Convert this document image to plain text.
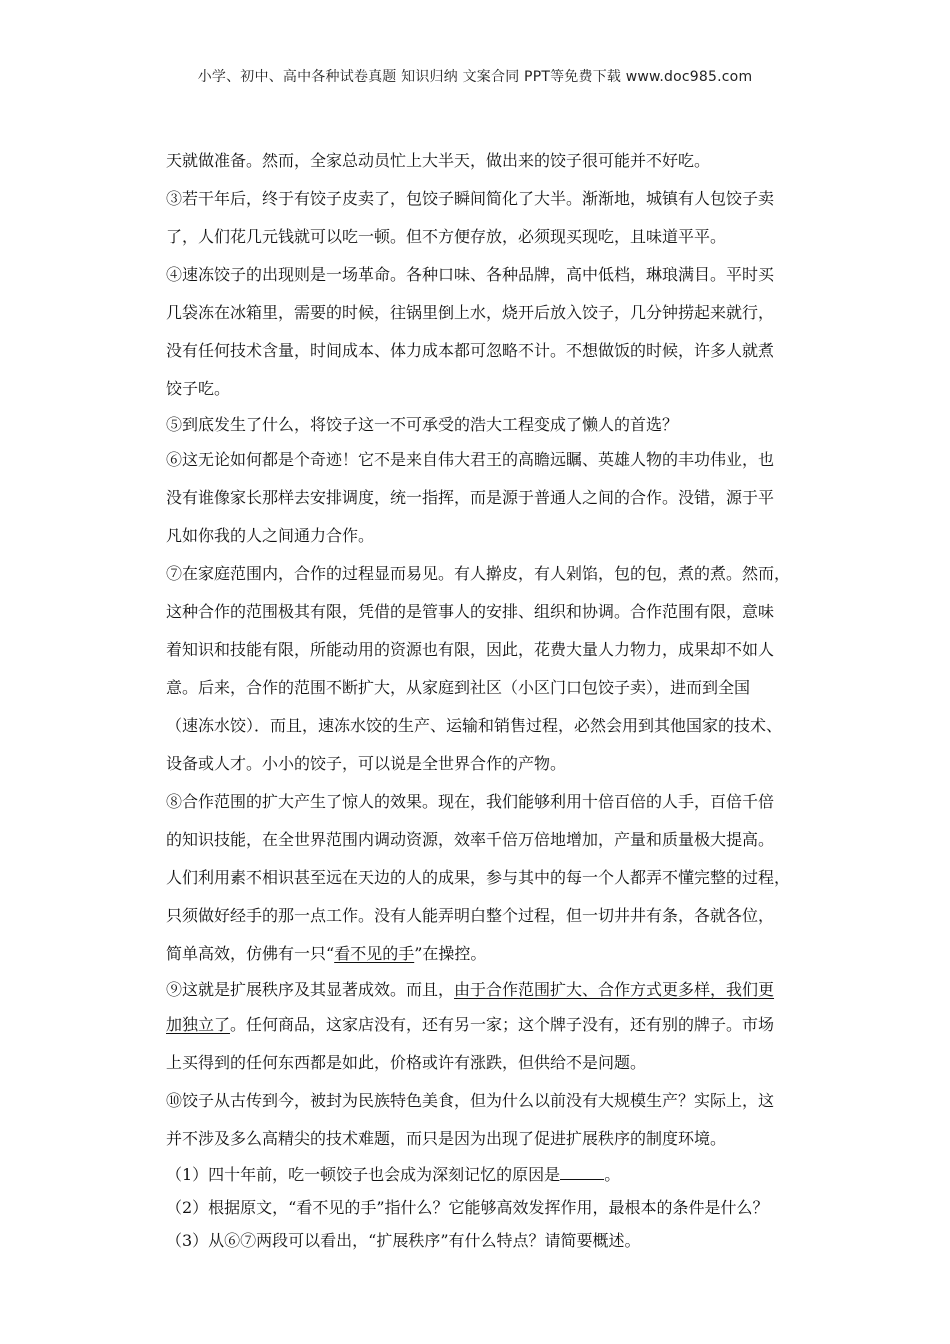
小学、初中、高中各种试卷真题 知识归纳 文案合同 PPT等免费下载 www.doc985.com
天就做准备。然而，全家总动员忙上大半天，做出来的饺子很可能并不好吃。
③若干年后，终于有饺子皮卖了，包饺子瞬间简化了大半。渐渐地，城镇有人包饺子卖
了，人们花几元钱就可以吃一顿。但不方便存放，必须现买现吃，且味道平平。
④速冻饺子的出现则是一场革命。各种口味、各种品牌，高中低档，琳琅满目。平时买
几袋冻在冰箱里，需要的时候，往锅里倒上水，烧开后放入饺子，几分钟捞起来就行，
没有任何技术含量，时间成本、体力成本都可忽略不计。不想做饭的时候，许多人就煮
饺子吃。
⑤到底发生了什么，将饺子这一不可承受的浩大工程变成了懒人的首选？
⑥这无论如何都是个奇迹！它不是来自伟大君王的高瞻远瞩、英雄人物的丰功伟业，也
没有谁像家长那样去安排调度，统一指挥，而是源于普通人之间的合作。没错，源于平
凡如你我的人之间通力合作。
⑦在家庭范围内，合作的过程显而易见。有人擀皮，有人剁馅，包的包，煮的煮。然而，
这种合作的范围极其有限，凭借的是管事人的安排、组织和协调。合作范围有限，意味
着知识和技能有限，所能动用的资源也有限，因此，花费大量人力物力，成果却不如人
意。后来，合作的范围不断扩大，从家庭到社区（小区门口包饺子卖），进而到全国
（速冻水饺）．而且，速冻水饺的生产、运输和销售过程，必然会用到其他国家的技术、
设备或人才。小小的饺子，可以说是全世界合作的产物。
⑧合作范围的扩大产生了惊人的效果。现在，我们能够利用十倍百倍的人手，百倍千倍
的知识技能，在全世界范围内调动资源，效率千倍万倍地增加，产量和质量极大提高。
人们利用素不相识甚至远在天边的人的成果，参与其中的每一个人都弄不懂完整的过程，
只须做好经手的那一点工作。没有人能弄明白整个过程，但一切井井有条，各就各位，
简单高效，仿佛有一只“看不见的手”在操控。
⑨这就是扩展秩序及其显著成效。而且，由于合作范围扩大、合作方式更多样，我们更
加独立了。任何商品，这家店没有，还有另一家；这个牌子没有，还有别的牌子。市场
上买得到的任何东西都是如此，价格或许有涨跌，但供给不是问题。
⑩饺子从古传到今，被封为民族特色美食，但为什么以前没有大规模生产？实际上，这
并不涉及多么高精尖的技术难题，而只是因为出现了促进扩展秩序的制度环境。
（1）四十年前，吃一顿饺子也会成为深刻记忆的原因是	。
（2）根据原文，“看不见的手”指什么？它能够高效发挥作用，最根本的条件是什么？
（3）从⑥⑦两段可以看出，“扩展秩序”有什么特点？请简要概述。
